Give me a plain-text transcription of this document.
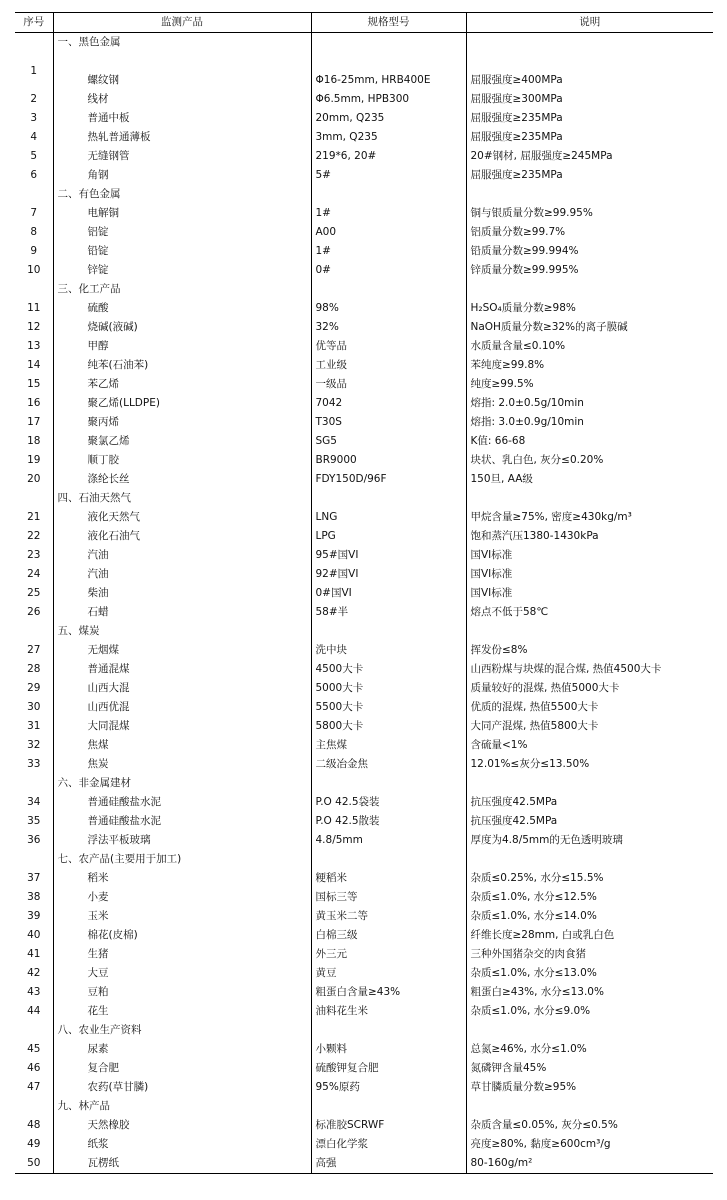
序号	监测产品	规格型号	说明
	一、黑色金属		
1	螺纹钢	Φ16-25mm, HRB400E	屈服强度≥400MPa
2	线材	Φ6.5mm, HPB300	屈服强度≥300MPa
3	普通中板	20mm, Q235	屈服强度≥235MPa
4	热轧普通薄板	3mm, Q235	屈服强度≥235MPa
5	无缝钢管	219*6, 20#	20#钢材, 屈服强度≥245MPa
6	角钢	5#	屈服强度≥235MPa
	二、有色金属		
7	电解铜	1#	铜与银质量分数≥99.95%
8	铝锭	A00	铝质量分数≥99.7%
9	铅锭	1#	铅质量分数≥99.994%
10	锌锭	0#	锌质量分数≥99.995%
	三、化工产品		
11	硫酸	98%	H₂SO₄质量分数≥98%
12	烧碱(液碱)	32%	NaOH质量分数≥32%的离子膜碱
13	甲醇	优等品	水质量含量≤0.10%
14	纯苯(石油苯)	工业级	苯纯度≥99.8%
15	苯乙烯	一级品	纯度≥99.5%
16	聚乙烯(LLDPE)	7042	熔指: 2.0±0.5g/10min
17	聚丙烯	T30S	熔指: 3.0±0.9g/10min
18	聚氯乙烯	SG5	K值: 66-68
19	顺丁胶	BR9000	块状、乳白色, 灰分≤0.20%
20	涤纶长丝	FDY150D/96F	150旦, AA级
	四、石油天然气		
21	液化天然气	LNG	甲烷含量≥75%, 密度≥430kg/m³
22	液化石油气	LPG	饱和蒸汽压1380-1430kPa
23	汽油	95#国VI	国VI标准
24	汽油	92#国VI	国VI标准
25	柴油	0#国VI	国VI标准
26	石蜡	58#半	熔点不低于58℃
	五、煤炭		
27	无烟煤	洗中块	挥发份≤8%
28	普通混煤	4500大卡	山西粉煤与块煤的混合煤, 热值4500大卡
29	山西大混	5000大卡	质量较好的混煤, 热值5000大卡
30	山西优混	5500大卡	优质的混煤, 热值5500大卡
31	大同混煤	5800大卡	大同产混煤, 热值5800大卡
32	焦煤	主焦煤	含硫量<1%
33	焦炭	二级冶金焦	12.01%≤灰分≤13.50%
	六、非金属建材		
34	普通硅酸盐水泥	P.O 42.5袋装	抗压强度42.5MPa
35	普通硅酸盐水泥	P.O 42.5散装	抗压强度42.5MPa
36	浮法平板玻璃	4.8/5mm	厚度为4.8/5mm的无色透明玻璃
	七、农产品(主要用于加工)		
37	稻米	粳稻米	杂质≤0.25%, 水分≤15.5%
38	小麦	国标三等	杂质≤1.0%, 水分≤12.5%
39	玉米	黄玉米二等	杂质≤1.0%, 水分≤14.0%
40	棉花(皮棉)	白棉三级	纤维长度≥28mm, 白或乳白色
41	生猪	外三元	三种外国猪杂交的肉食猪
42	大豆	黄豆	杂质≤1.0%, 水分≤13.0%
43	豆粕	粗蛋白含量≥43%	粗蛋白≥43%, 水分≤13.0%
44	花生	油料花生米	杂质≤1.0%, 水分≤9.0%
	八、农业生产资料		
45	尿素	小颗料	总氮≥46%, 水分≤1.0%
46	复合肥	硫酸钾复合肥	氮磷钾含量45%
47	农药(草甘膦)	95%原药	草甘膦质量分数≥95%
	九、林产品		
48	天然橡胶	标准胶SCRWF	杂质含量≤0.05%, 灰分≤0.5%
49	纸浆	漂白化学浆	亮度≥80%, 黏度≥600cm³/g
50	瓦楞纸	高强	80-160g/m²
